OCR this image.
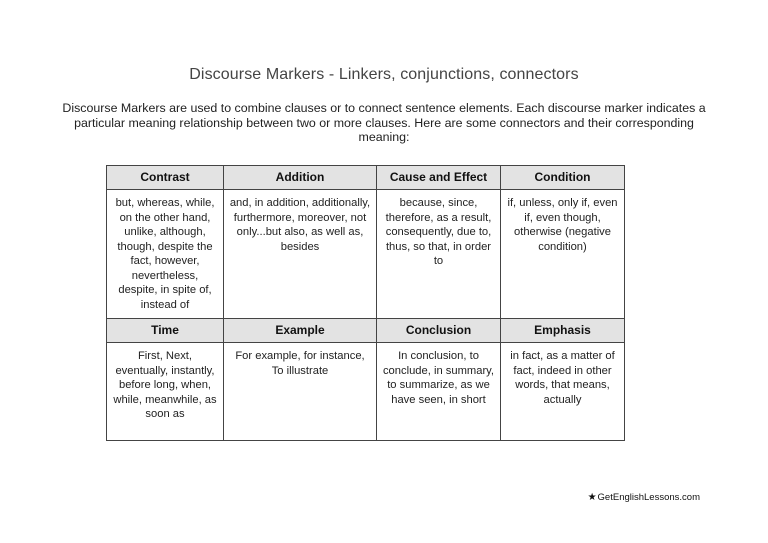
Discourse Markers - Linkers, conjunctions, connectors
Discourse Markers are used to combine clauses or to connect sentence elements. Each discourse marker indicates a particular meaning relationship between two or more clauses. Here are some connectors and their corresponding meaning:
Contrast	Addition	Cause and Effect	Condition
but, whereas, while, on the other hand, unlike, although, though, despite the fact, however, nevertheless, despite, in spite of, instead of	and, in addition, additionally, furthermore, moreover, not only...but also, as well as, besides	because, since, therefore, as a result, consequently, due to, thus, so that, in order to	if, unless, only if, even if, even though, otherwise (negative condition)
Time	Example	Conclusion	Emphasis
First, Next, eventually, instantly, before long, when, while, meanwhile, as soon as	For example, for instance, To illustrate	In conclusion, to conclude, in summary, to summarize, as we have seen, in short	in fact, as a matter of fact, indeed in other words, that means, actually
★GetEnglishLessons.com
